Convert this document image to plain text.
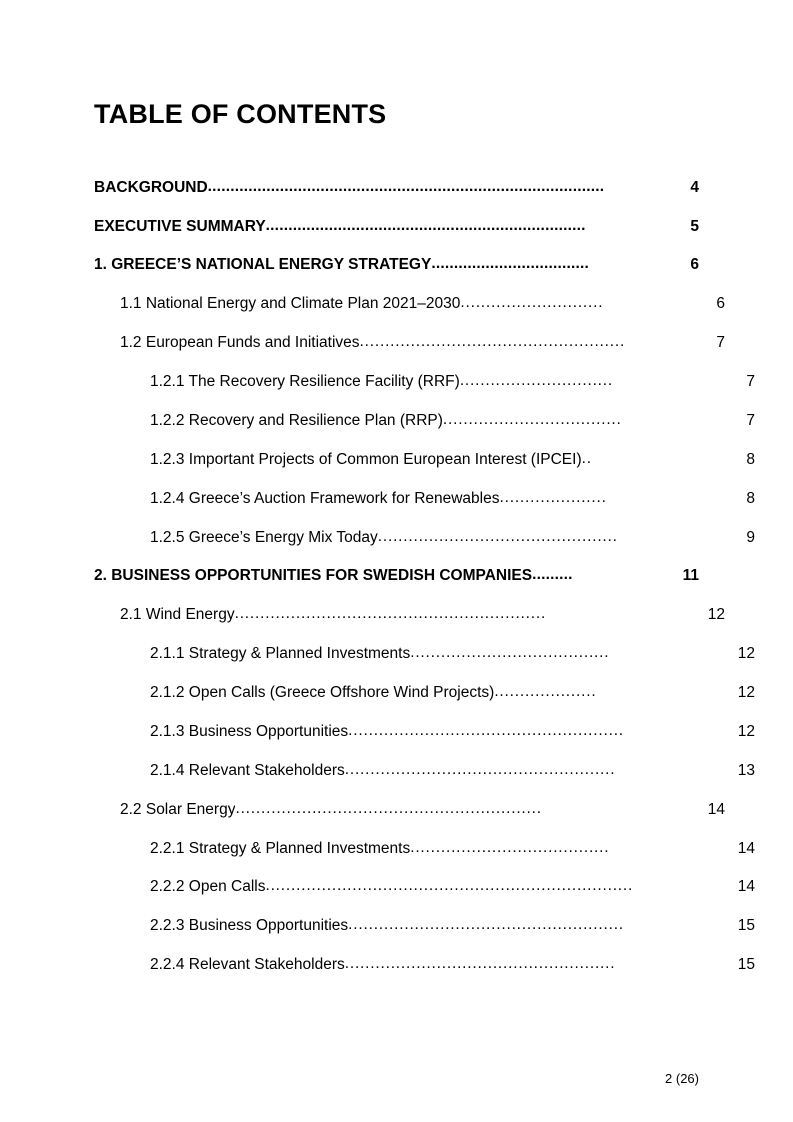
TABLE OF CONTENTS
BACKGROUND ........................................................................................	4
EXECUTIVE SUMMARY .......................................................................	5
1. GREECE’S NATIONAL ENERGY STRATEGY ...................................	6
1.1 National Energy and Climate Plan 2021–2030 ............................	6
1.2 European Funds and Initiatives ....................................................	7
1.2.1 The Recovery Resilience Facility (RRF) ..............................	7
1.2.2 Recovery and Resilience Plan (RRP) ...................................	7
1.2.3 Important Projects of Common European Interest (IPCEI) ..	8
1.2.4 Greece’s Auction Framework for Renewables .....................	8
1.2.5 Greece’s Energy Mix Today ...............................................	9
2. BUSINESS OPPORTUNITIES FOR SWEDISH COMPANIES .........	11
2.1 Wind Energy .............................................................	12
2.1.1 Strategy & Planned Investments .......................................	12
2.1.2 Open Calls (Greece Offshore Wind Projects) ....................	12
2.1.3 Business Opportunities ......................................................	12
2.1.4 Relevant Stakeholders .....................................................	13
2.2 Solar Energy ............................................................	14
2.2.1 Strategy & Planned Investments .......................................	14
2.2.2 Open Calls ........................................................................	14
2.2.3 Business Opportunities ......................................................	15
2.2.4 Relevant Stakeholders .....................................................	15
2 (26)
